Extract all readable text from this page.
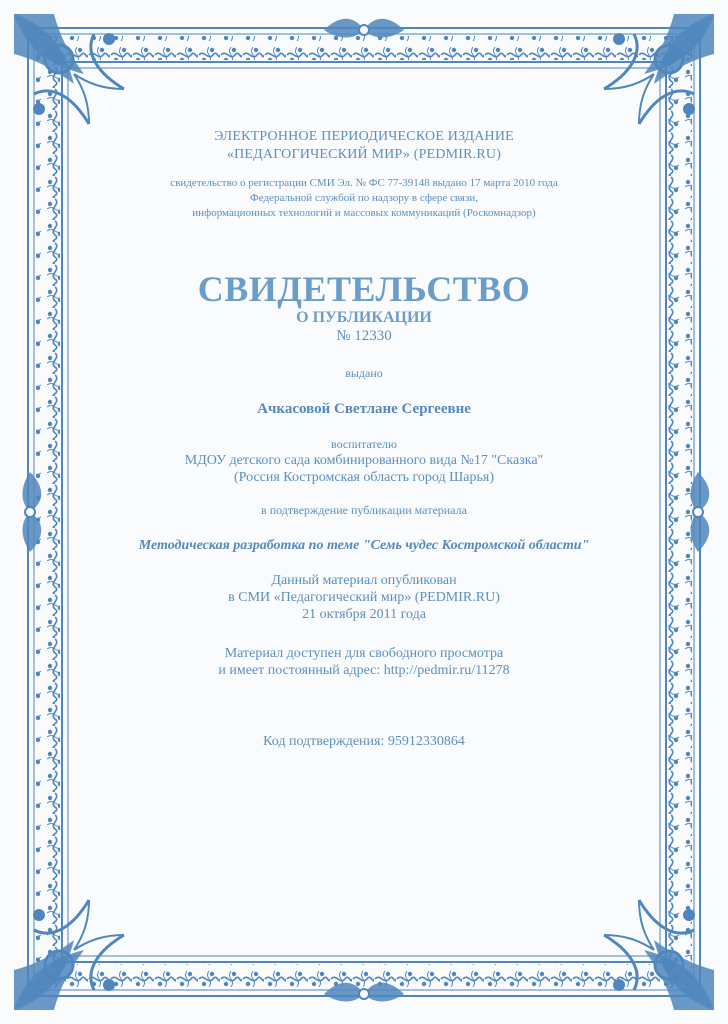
ЭЛЕКТРОННОЕ ПЕРИОДИЧЕСКОЕ ИЗДАНИЕ
«ПЕДАГОГИЧЕСКИЙ МИР» (PEDMIR.RU)
свидетельство о регистрации СМИ Эл. № ФС 77-39148 выдано 17 марта 2010 года
Федеральной службой по надзору в сфере связи,
информационных технологий и массовых коммуникаций (Роскомнадзор)
СВИДЕТЕЛЬСТВО
О ПУБЛИКАЦИИ
№ 12330
выдано
Ачкасовой Светлане Сергеевне
воспитателю
МДОУ детского сада комбинированного вида №17 "Сказка"
(Россия Костромская область город Шарья)
в подтверждение публикации материала
Методическая разработка по теме "Семь чудес Костромской области"
Данный материал опубликован
в СМИ «Педагогический мир» (PEDMIR.RU)
21 октября 2011 года
Материал доступен для свободного просмотра
и имеет постоянный адрес: http://pedmir.ru/11278
Код подтверждения: 95912330864
